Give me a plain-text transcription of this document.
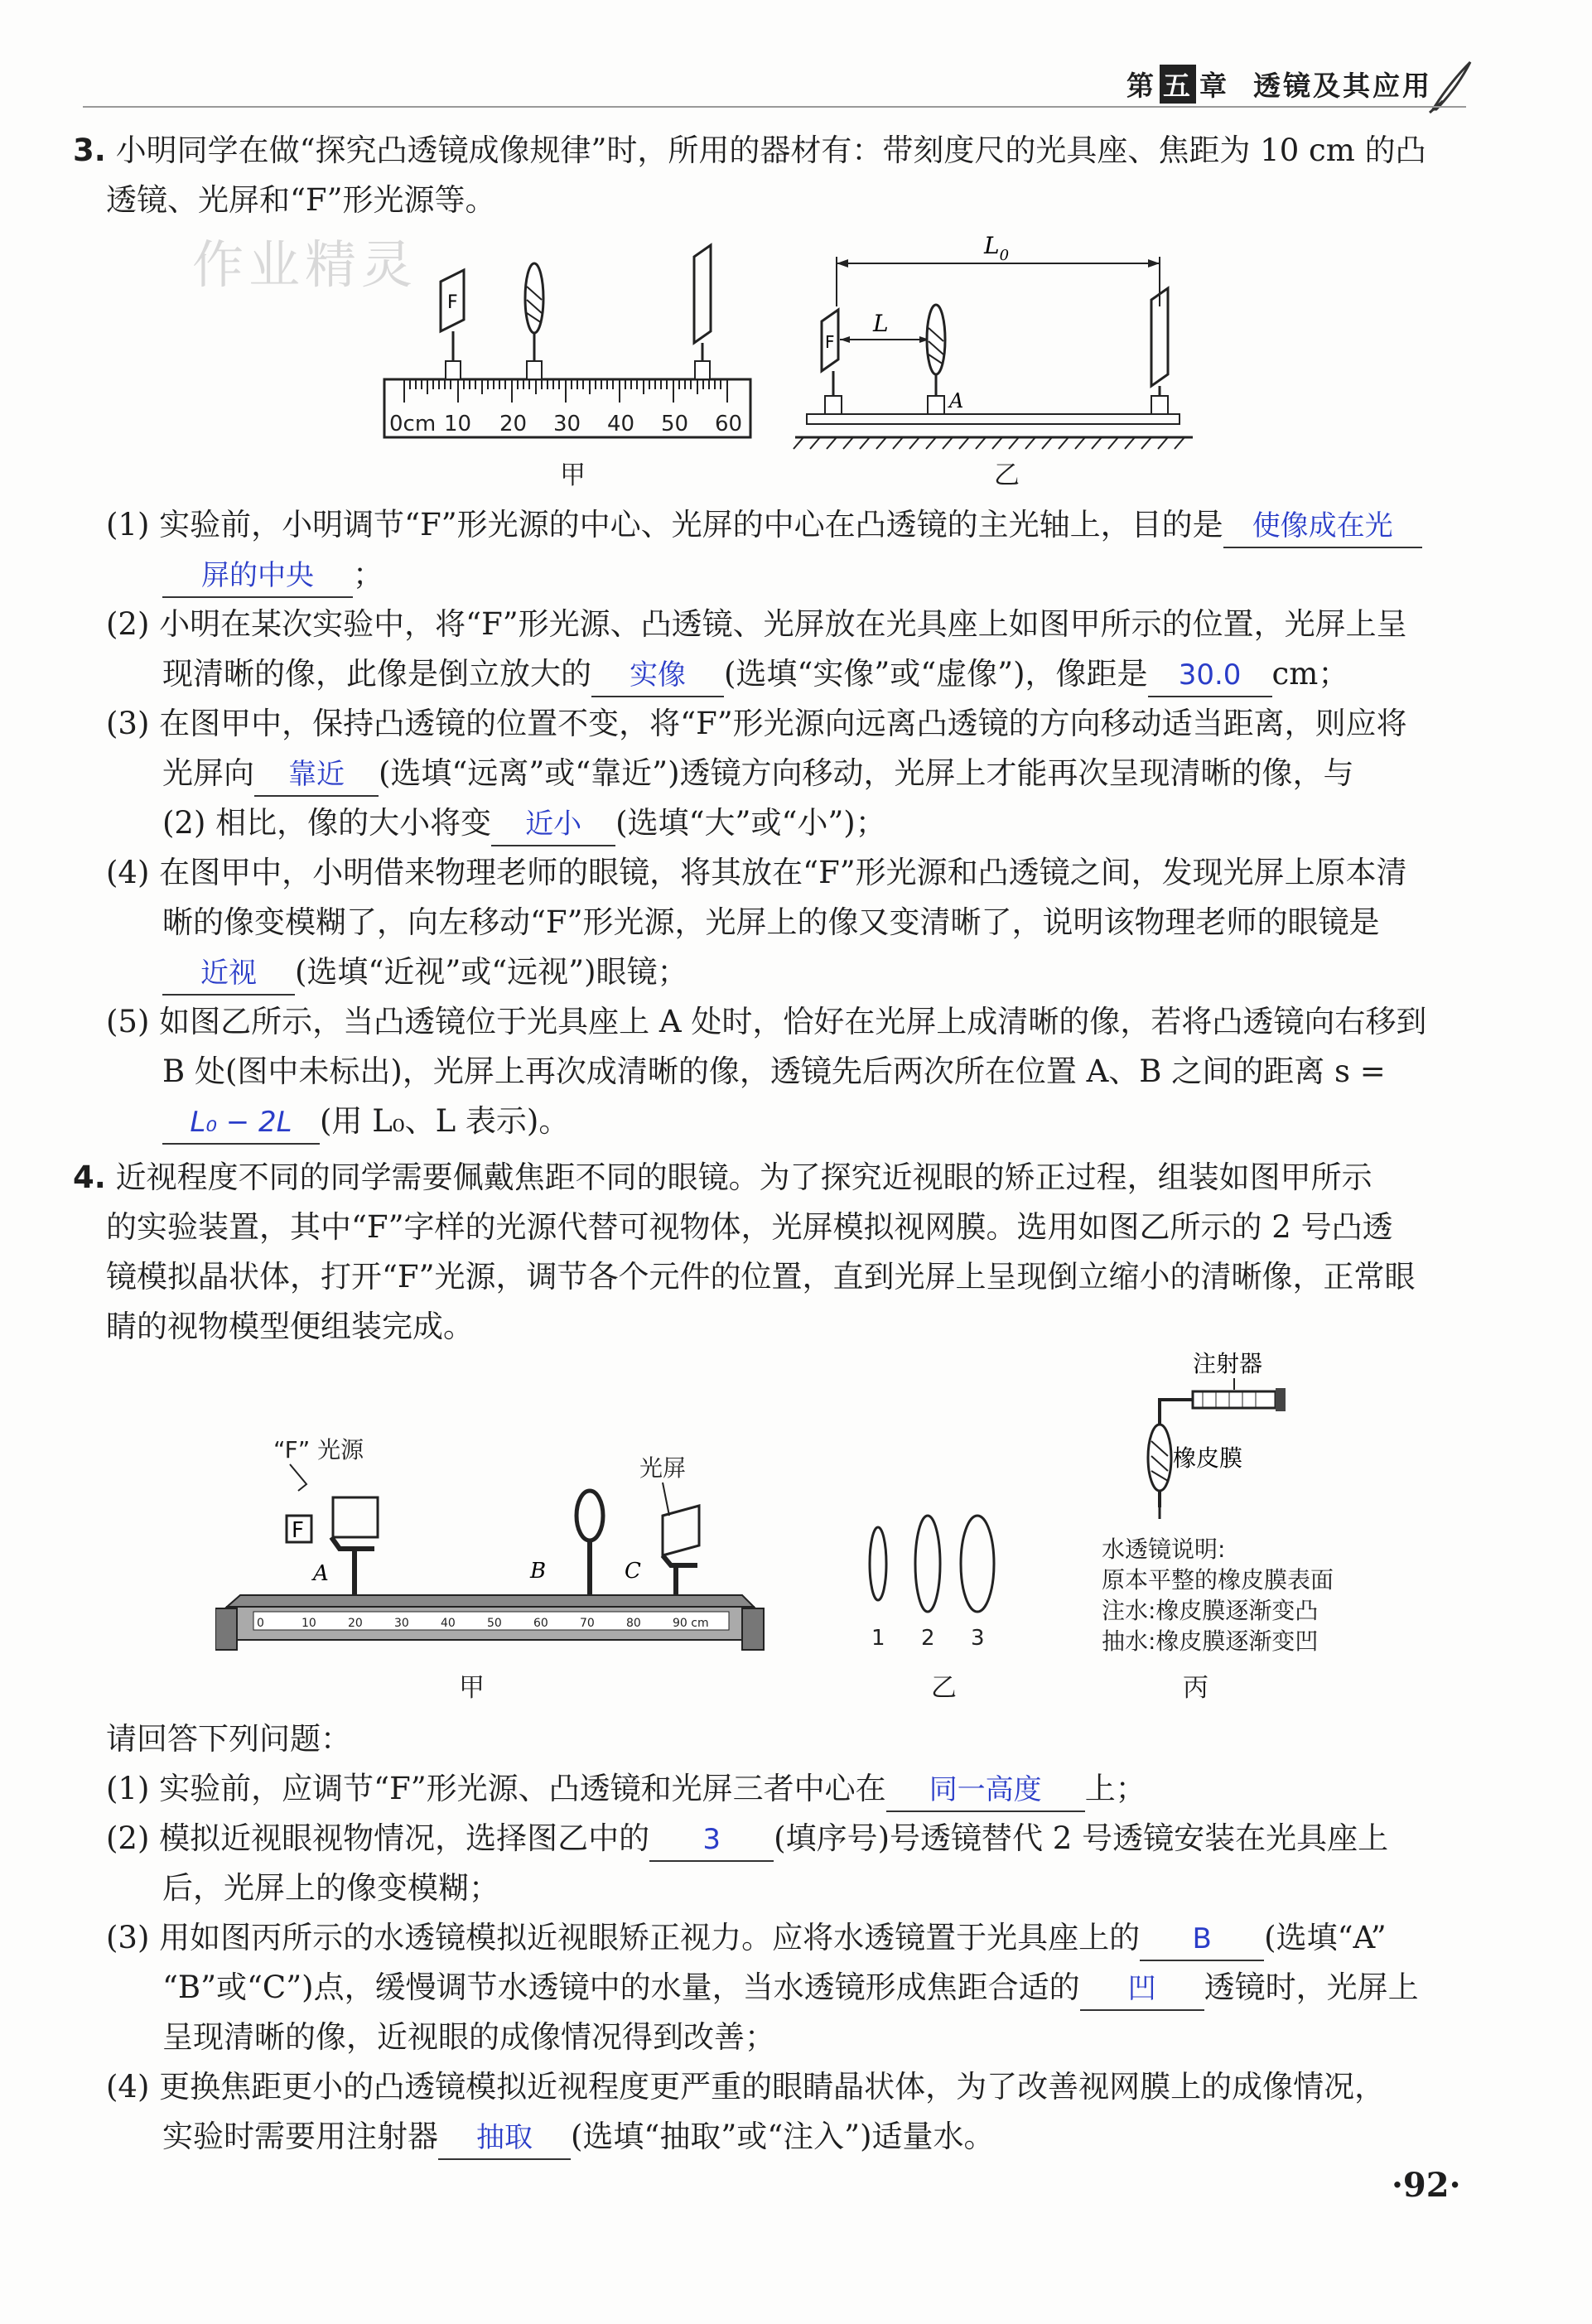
第 五 章 透镜及其应用
3. 小明同学在做“探究凸透镜成像规律”时，所用的器材有：带刻度尺的光具座、焦距为 10 cm 的凸
透镜、光屏和“F”形光源等。
作业精灵
0cm 10 20 30 40 50 60
F
甲
$L_0$
L
F
A
乙
(1) 实验前，小明调节“F”形光源的中心、光屏的中心在凸透镜的主光轴上，目的是 使像成在光
屏的中央 ；
(2) 小明在某次实验中，将“F”形光源、凸透镜、光屏放在光具座上如图甲所示的位置，光屏上呈
现清晰的像，此像是倒立放大的 实像 (选填“实像”或“虚像”)，像距是 30.0 cm；
(3) 在图甲中，保持凸透镜的位置不变，将“F”形光源向远离凸透镜的方向移动适当距离，则应将
光屏向 靠近 (选填“远离”或“靠近”)透镜方向移动，光屏上才能再次呈现清晰的像，与
(2) 相比，像的大小将变 近小 (选填“大”或“小”)；
(4) 在图甲中，小明借来物理老师的眼镜，将其放在“F”形光源和凸透镜之间，发现光屏上原本清
晰的像变模糊了，向左移动“F”形光源，光屏上的像又变清晰了，说明该物理老师的眼镜是
近视 (选填“近视”或“远视”)眼镜；
(5) 如图乙所示，当凸透镜位于光具座上 A 处时，恰好在光屏上成清晰的像，若将凸透镜向右移到
B 处(图中未标出)，光屏上再次成清晰的像，透镜先后两次所在位置 A、B 之间的距离 s =
L₀ − 2L (用 L₀、L 表示)。
4. 近视程度不同的同学需要佩戴焦距不同的眼镜。为了探究近视眼的矫正过程，组装如图甲所示
的实验装置，其中“F”字样的光源代替可视物体，光屏模拟视网膜。选用如图乙所示的 2 号凸透
镜模拟晶状体，打开“F”光源，调节各个元件的位置，直到光屏上呈现倒立缩小的清晰像，正常眼
睛的视物模型便组装完成。
“F” 光源
光屏
F
A	B	C
0	10	20	30	40	50	60	70	80	90 cm
甲
1 2 3
乙
注射器
橡皮膜
水透镜说明:
原本平整的橡皮膜表面
注水:橡皮膜逐渐变凸
抽水:橡皮膜逐渐变凹
丙
请回答下列问题：
(1) 实验前，应调节“F”形光源、凸透镜和光屏三者中心在 同一高度 上；
(2) 模拟近视眼视物情况，选择图乙中的 3 (填序号)号透镜替代 2 号透镜安装在光具座上
后，光屏上的像变模糊；
(3) 用如图丙所示的水透镜模拟近视眼矫正视力。应将水透镜置于光具座上的 B (选填“A”
“B”或“C”)点，缓慢调节水透镜中的水量，当水透镜形成焦距合适的 凹 透镜时，光屏上
呈现清晰的像，近视眼的成像情况得到改善；
(4) 更换焦距更小的凸透镜模拟近视程度更严重的眼睛晶状体，为了改善视网膜上的成像情况，
实验时需要用注射器 抽取 (选填“抽取”或“注入”)适量水。
·92·
